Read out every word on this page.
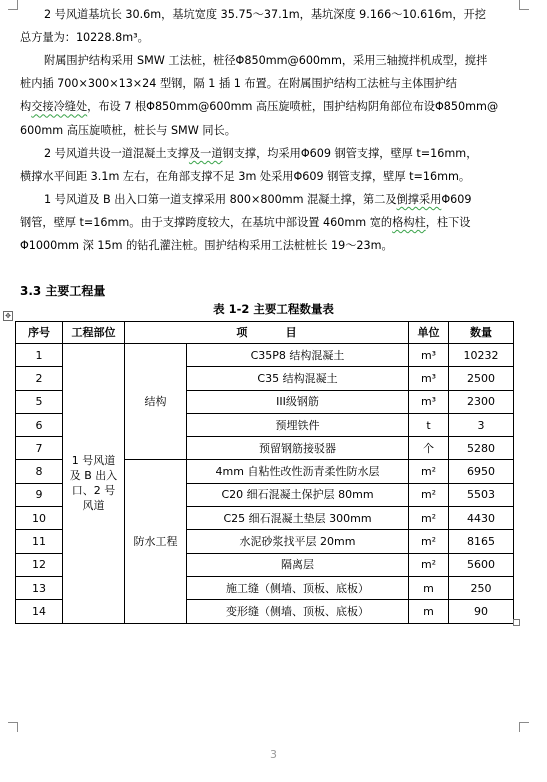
2 号风道基坑长 30.6m，基坑宽度 35.75～37.1m，基坑深度 9.166～10.616m，开挖
总方量为：10228.8m³。
附属围护结构采用 SMW 工法桩，桩径Φ850mm@600mm，采用三轴搅拌机成型，搅拌
桩内插 700×300×13×24 型钢，隔 1 插 1 布置。在附属围护结构工法桩与主体围护结
构交接冷缝处，布设 7 根Φ850mm@600mm 高压旋喷桩，围护结构阴角部位布设Φ850mm@
600mm 高压旋喷桩，桩长与 SMW 同长。
2 号风道共设一道混凝土支撑及一道钢支撑，均采用Φ609 钢管支撑，壁厚 t=16mm，
横撑水平间距 3.1m 左右，在角部支撑不足 3m 处采用Φ609 钢管支撑，壁厚 t=16mm。
1 号风道及 B 出入口第一道支撑采用 800×800mm 混凝土撑，第二及倒撑采用Φ609
钢管，壁厚 t=16mm。由于支撑跨度较大，在基坑中部设置 460mm 宽的格构柱，柱下设
Φ1000mm 深 15m 的钻孔灌注桩。围护结构采用工法桩桩长 19～23m。
3.3 主要工程量
表 1-2 主要工程数量表
✥
序号	工程部位	项          目		单位	数量
1	1 号风道及 B 出入口、2 号风道	结构	C35P8 结构混凝土	m³	10232
2			C35 结构混凝土	m³	2500
5			III级钢筋	m³	2300
6			预埋铁件	t	3
7			预留钢筋接驳器	个	5280
8		防水工程	4mm 自粘性改性沥青柔性防水层	m²	6950
9			C20 细石混凝土保护层 80mm	m²	5503
10			C25 细石混凝土垫层 300mm	m²	4430
11			水泥砂浆找平层 20mm	m²	8165
12			隔离层	m²	5600
13			施工缝（侧墙、顶板、底板）	m	250
14			变形缝（侧墙、顶板、底板）	m	90
3
